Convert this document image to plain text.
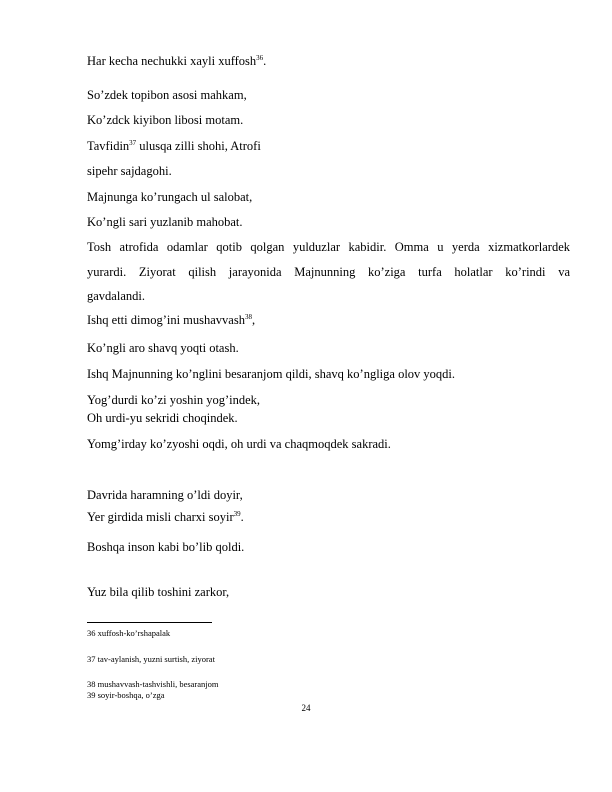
Har kecha nechukki xayli xuffosh$^{36}$.
So’zdek topibon asosi mahkam,
Ko’zdck kiyibon libosi motam.
Tavfidin$^{37}$ ulusqa zilli shohi, Atrofi
sipehr sajdagohi.
Majnunga ko’rungach ul salobat,
Ko’ngli sari yuzlanib mahobat.
Tosh atrofida odamlar qotib qolgan yulduzlar kabidir. Omma u yerda xizmatkorlardek
yurardi. Ziyorat qilish jarayonida Majnunning ko’ziga turfa holatlar ko’rindi va
gavdalandi.
Ishq etti dimog’ini mushavvash$^{38}$,
Ko’ngli aro shavq yoqti otash.
Ishq Majnunning ko’nglini besaranjom qildi, shavq ko’ngliga olov yoqdi.
Yog’durdi ko’zi yoshin yog’indek,
Oh urdi-yu sekridi choqindek.
Yomg’irday ko’zyoshi oqdi, oh urdi va chaqmoqdek sakradi.
Davrida haramning o’ldi doyir,
Yer girdida misli charxi soyir$^{39}$.
Boshqa inson kabi bo’lib qoldi.
Yuz bila qilib toshini zarkor,
36 xuffosh-ko’rshapalak
37 tav-aylanish, yuzni surtish, ziyorat
38 mushavvash-tashvishli, besaranjom
39 soyir-boshqa, o’zga
24
